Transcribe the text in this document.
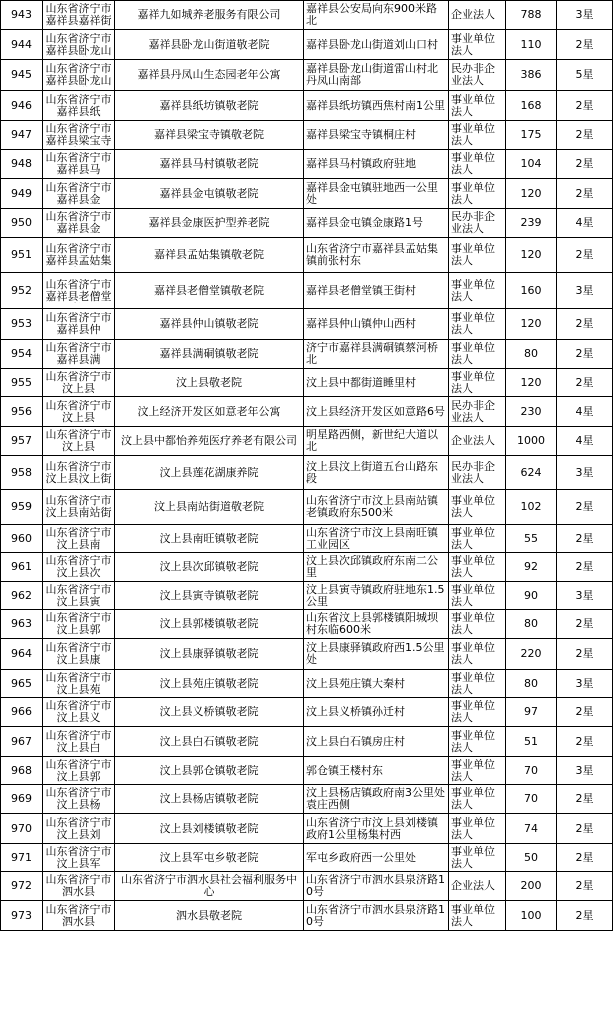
943	山东省济宁市嘉祥县嘉祥街	嘉祥九如城养老服务有限公司	嘉祥县公安局向东900米路北	企业法人	788	3星

944	山东省济宁市嘉祥县卧龙山	嘉祥县卧龙山街道敬老院	嘉祥县卧龙山街道刘山口村	事业单位法人	110	2星

945	山东省济宁市嘉祥县卧龙山	嘉祥县丹凤山生态园老年公寓	嘉祥县卧龙山街道雷山村北丹凤山南部	民办非企业法人	386	5星

946	山东省济宁市嘉祥县纸	嘉祥县纸坊镇敬老院	嘉祥县纸坊镇西焦村南1公里	事业单位法人	168	2星

947	山东省济宁市嘉祥县梁宝寺	嘉祥县梁宝寺镇敬老院	嘉祥县梁宝寺镇桐庄村	事业单位法人	175	2星

948	山东省济宁市嘉祥县马	嘉祥县马村镇敬老院	嘉祥县马村镇政府驻地	事业单位法人	104	2星

949	山东省济宁市嘉祥县金	嘉祥县金屯镇敬老院	嘉祥县金屯镇驻地西一公里处	事业单位法人	120	2星

950	山东省济宁市嘉祥县金	嘉祥县金康医护型养老院	嘉祥县金屯镇金康路1号	民办非企业法人	239	4星

951	山东省济宁市嘉祥县孟姑集	嘉祥县孟姑集镇敬老院	山东省济宁市嘉祥县孟姑集镇前张村东	事业单位法人	120	2星

952	山东省济宁市嘉祥县老僧堂	嘉祥县老僧堂镇敬老院	嘉祥县老僧堂镇王街村	事业单位法人	160	3星

953	山东省济宁市嘉祥县仲	嘉祥县仲山镇敬老院	嘉祥县仲山镇仲山西村	事业单位法人	120	2星

954	山东省济宁市嘉祥县满	嘉祥县满硐镇敬老院	济宁市嘉祥县满硐镇蔡河桥北	事业单位法人	80	2星

955	山东省济宁市汶上县	汶上县敬老院	汶上县中都街道睡里村	事业单位法人	120	2星

956	山东省济宁市汶上县	汶上经济开发区如意老年公寓	汶上县经济开发区如意路6号	民办非企业法人	230	4星

957	山东省济宁市汶上县	汶上县中都怡养苑医疗养老有限公司	明星路西侧，新世纪大道以北	企业法人	1000	4星

958	山东省济宁市汶上县汶上街	汶上县莲花湖康养院	汶上县汶上街道五台山路东段	民办非企业法人	624	3星

959	山东省济宁市汶上县南站街	汶上县南站街道敬老院	山东省济宁市汶上县南站镇老镇政府东500米	事业单位法人	102	2星

960	山东省济宁市汶上县南	汶上县南旺镇敬老院	山东省济宁市汶上县南旺镇工业园区	事业单位法人	55	2星

961	山东省济宁市汶上县次	汶上县次邱镇敬老院	汶上县次邱镇政府东南二公里	事业单位法人	92	2星

962	山东省济宁市汶上县寅	汶上县寅寺镇敬老院	汶上县寅寺镇政府驻地东1.5公里	事业单位法人	90	3星

963	山东省济宁市汶上县郭	汶上县郭楼镇敬老院	山东省汶上县郭楼镇阳城坝村东临600米	事业单位法人	80	2星

964	山东省济宁市汶上县康	汶上县康驿镇敬老院	汶上县康驿镇政府西1.5公里处	事业单位法人	220	2星

965	山东省济宁市汶上县苑	汶上县苑庄镇敬老院	汶上县苑庄镇大秦村	事业单位法人	80	3星

966	山东省济宁市汶上县义	汶上县义桥镇敬老院	汶上县义桥镇孙迁村	事业单位法人	97	2星

967	山东省济宁市汶上县白	汶上县白石镇敬老院	汶上县白石镇房庄村	事业单位法人	51	2星

968	山东省济宁市汶上县郭	汶上县郭仓镇敬老院	郭仓镇王楼村东	事业单位法人	70	3星

969	山东省济宁市汶上县杨	汶上县杨店镇敬老院	汶上县杨店镇政府南3公里处袁庄西侧	事业单位法人	70	2星

970	山东省济宁市汶上县刘	汶上县刘楼镇敬老院	山东省济宁市汶上县刘楼镇政府1公里杨集村西	事业单位法人	74	2星

971	山东省济宁市汶上县军	汶上县军屯乡敬老院	军屯乡政府西一公里处	事业单位法人	50	2星

972	山东省济宁市泗水县	山东省济宁市泗水县社会福利服务中心	山东省济宁市泗水县泉济路10号	企业法人	200	2星

973	山东省济宁市泗水县	泗水县敬老院	山东省济宁市泗水县泉济路10号	事业单位法人	100	2星
